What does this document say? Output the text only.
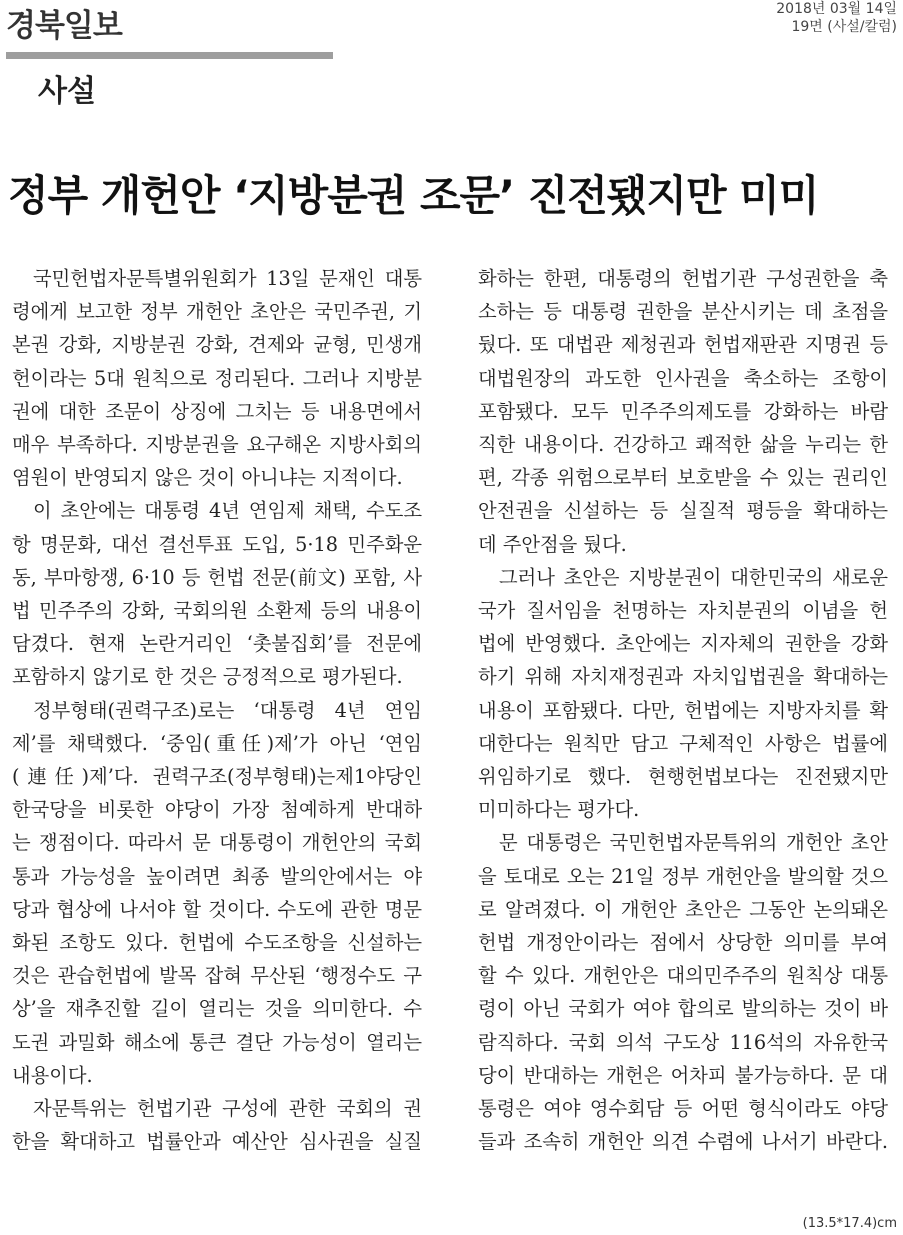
경북일보	2018년 03월 14일
19면 (사설/칼럼)
사설
정부 개헌안 ‘지방분권 조문’ 진전됐지만 미미

국민헌법자문특별위원회가 13일 문재인 대통

령에게 보고한 정부 개헌안 초안은 국민주권, 기

본권 강화, 지방분권 강화, 견제와 균형, 민생개

헌이라는 5대 원칙으로 정리된다. 그러나 지방분

권에 대한 조문이 상징에 그치는 등 내용면에서

매우 부족하다. 지방분권을 요구해온 지방사회의

염원이 반영되지 않은 것이 아니냐는 지적이다.

이 초안에는 대통령 4년 연임제 채택, 수도조

항 명문화, 대선 결선투표 도입, 5·18 민주화운

동, 부마항쟁, 6·10 등 헌법 전문(前文) 포함, 사

법 민주주의 강화, 국회의원 소환제 등의 내용이

담겼다. 현재 논란거리인 ‘촛불집회’를 전문에

포함하지 않기로 한 것은 긍정적으로 평가된다.

정부형태(권력구조)로는 ‘대통령 4년 연임

제’를 채택했다. ‘중임(重任)제’가 아닌 ‘연임

(連任)제’다. 권력구조(정부형태)는제1야당인

한국당을 비롯한 야당이 가장 첨예하게 반대하

는 쟁점이다. 따라서 문 대통령이 개헌안의 국회

통과 가능성을 높이려면 최종 발의안에서는 야

당과 협상에 나서야 할 것이다. 수도에 관한 명문

화된 조항도 있다. 헌법에 수도조항을 신설하는

것은 관습헌법에 발목 잡혀 무산된 ‘행정수도 구

상’을 재추진할 길이 열리는 것을 의미한다. 수

도권 과밀화 해소에 통큰 결단 가능성이 열리는

내용이다.

자문특위는 헌법기관 구성에 관한 국회의 권

한을 확대하고 법률안과 예산안 심사권을 실질

화하는 한편, 대통령의 헌법기관 구성권한을 축

소하는 등 대통령 권한을 분산시키는 데 초점을

뒀다. 또 대법관 제청권과 헌법재판관 지명권 등

대법원장의 과도한 인사권을 축소하는 조항이

포함됐다. 모두 민주주의제도를 강화하는 바람

직한 내용이다. 건강하고 쾌적한 삶을 누리는 한

편, 각종 위험으로부터 보호받을 수 있는 권리인

안전권을 신설하는 등 실질적 평등을 확대하는

데 주안점을 뒀다.

그러나 초안은 지방분권이 대한민국의 새로운

국가 질서임을 천명하는 자치분권의 이념을 헌

법에 반영했다. 초안에는 지자체의 권한을 강화

하기 위해 자치재정권과 자치입법권을 확대하는

내용이 포함됐다. 다만, 헌법에는 지방자치를 확

대한다는 원칙만 담고 구체적인 사항은 법률에

위임하기로 했다. 현행헌법보다는 진전됐지만

미미하다는 평가다.

문 대통령은 국민헌법자문특위의 개헌안 초안

을 토대로 오는 21일 정부 개헌안을 발의할 것으

로 알려졌다. 이 개헌안 초안은 그동안 논의돼온

헌법 개정안이라는 점에서 상당한 의미를 부여

할 수 있다. 개헌안은 대의민주주의 원칙상 대통

령이 아닌 국회가 여야 합의로 발의하는 것이 바

람직하다. 국회 의석 구도상 116석의 자유한국

당이 반대하는 개헌은 어차피 불가능하다. 문 대

통령은 여야 영수회담 등 어떤 형식이라도 야당

들과 조속히 개헌안 의견 수렴에 나서기 바란다.

(13.5*17.4)cm
